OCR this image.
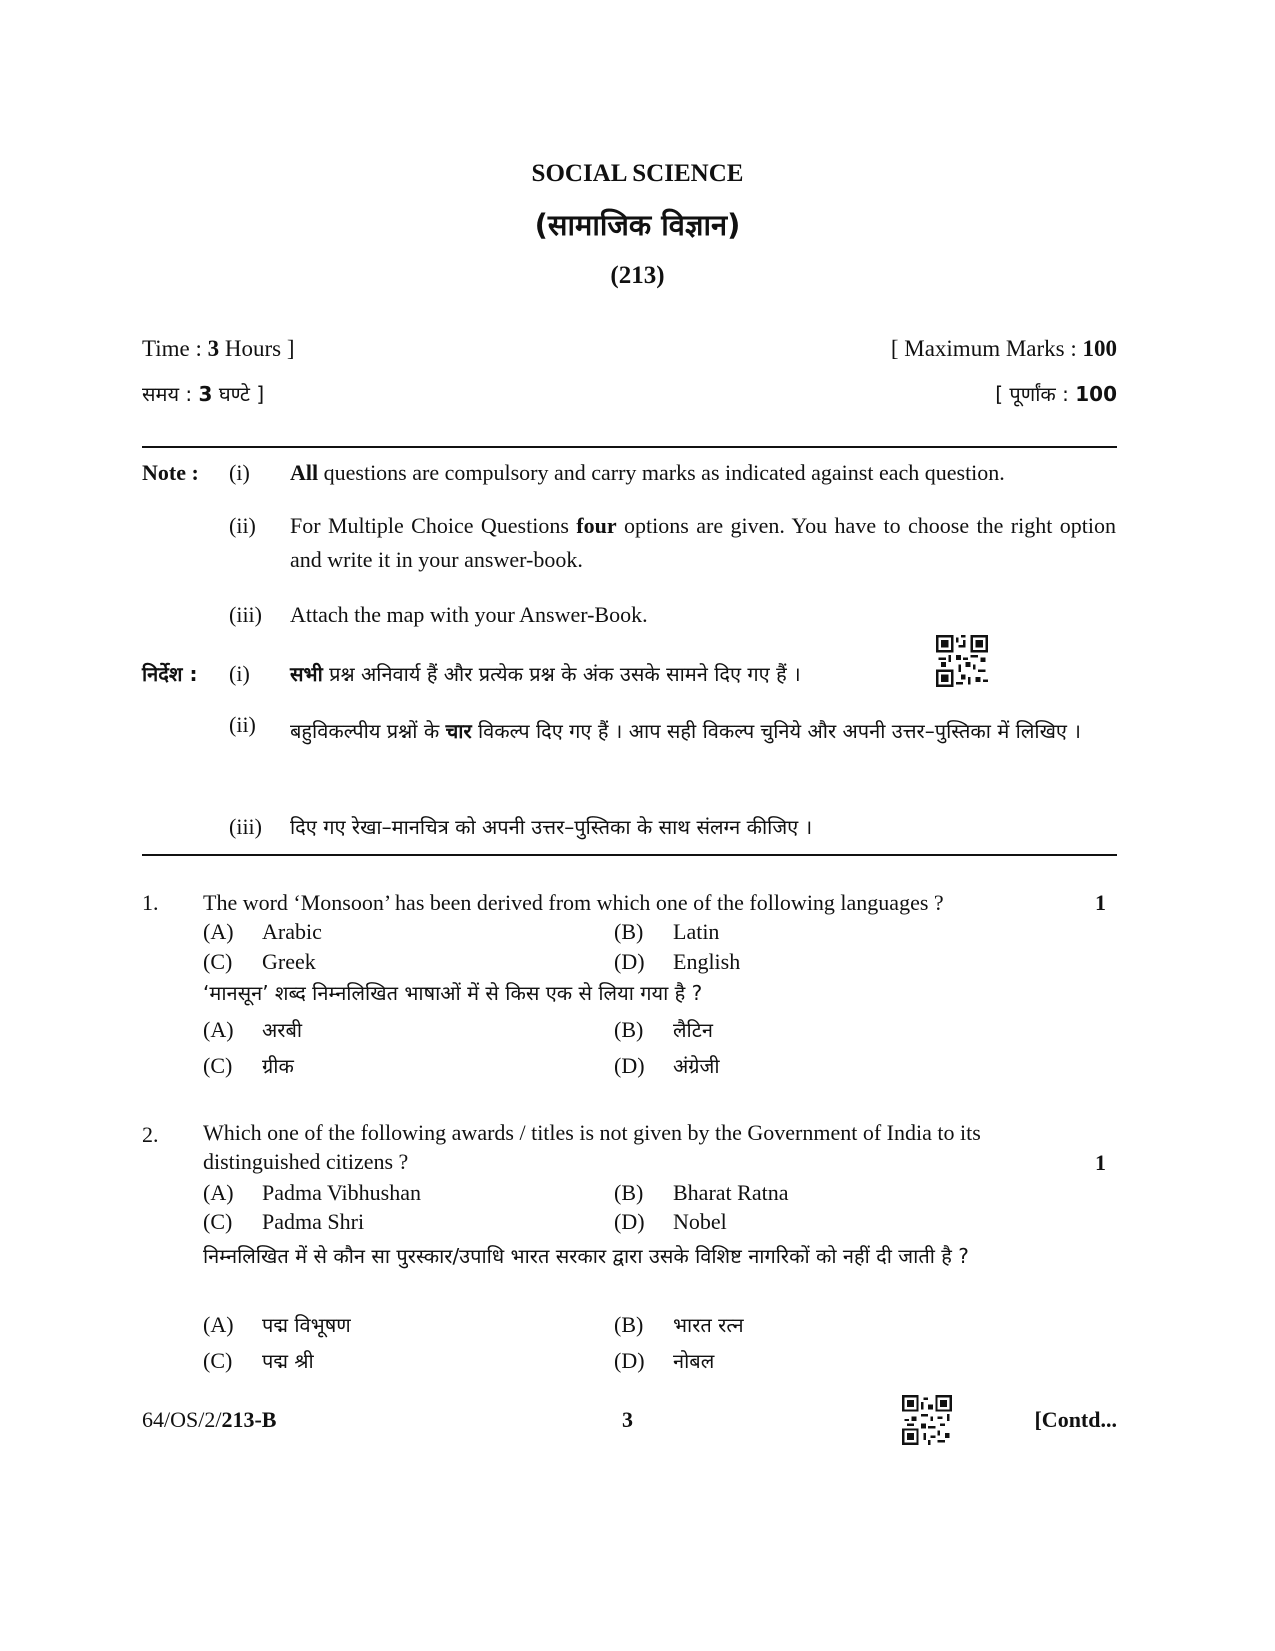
SOCIAL SCIENCE
(सामाजिक विज्ञान)
(213)
Time : 3 Hours ]
समय : 3 घण्टे ]
[ Maximum Marks : 100
[ पूर्णांक : 100
Note : (i) All questions are compulsory and carry marks as indicated against each question.
(ii) For Multiple Choice Questions four options are given. You have to choose the right option and write it in your answer-book.
(iii) Attach the map with your Answer-Book.
निर्देश : (i) सभी प्रश्न अनिवार्य हैं और प्रत्येक प्रश्न के अंक उसके सामने दिए गए हैं ।
(ii) बहुविकल्पीय प्रश्नों के चार विकल्प दिए गए हैं । आप सही विकल्प चुनिये और अपनी उत्तर–पुस्तिका में लिखिए ।
(iii) दिए गए रेखा–मानचित्र को अपनी उत्तर–पुस्तिका के साथ संलग्न कीजिए ।
1. The word ‘Monsoon’ has been derived from which one of the following languages ?	1
(A) Arabic	(B) Latin
(C) Greek	(D) English
‘मानसून’ शब्द निम्नलिखित भाषाओं में से किस एक से लिया गया है ?
(A) अरबी	(B) लैटिन
(C) ग्रीक	(D) अंग्रेजी
2. Which one of the following awards / titles is not given by the Government of India to its distinguished citizens ?	1
(A) Padma Vibhushan	(B) Bharat Ratna
(C) Padma Shri	(D) Nobel
निम्नलिखित में से कौन सा पुरस्कार/उपाधि भारत सरकार द्वारा उसके विशिष्ट नागरिकों को नहीं दी जाती है ?
(A) पद्म विभूषण	(B) भारत रत्न
(C) पद्म श्री	(D) नोबल
64/OS/2/213-B	3	[Contd...
